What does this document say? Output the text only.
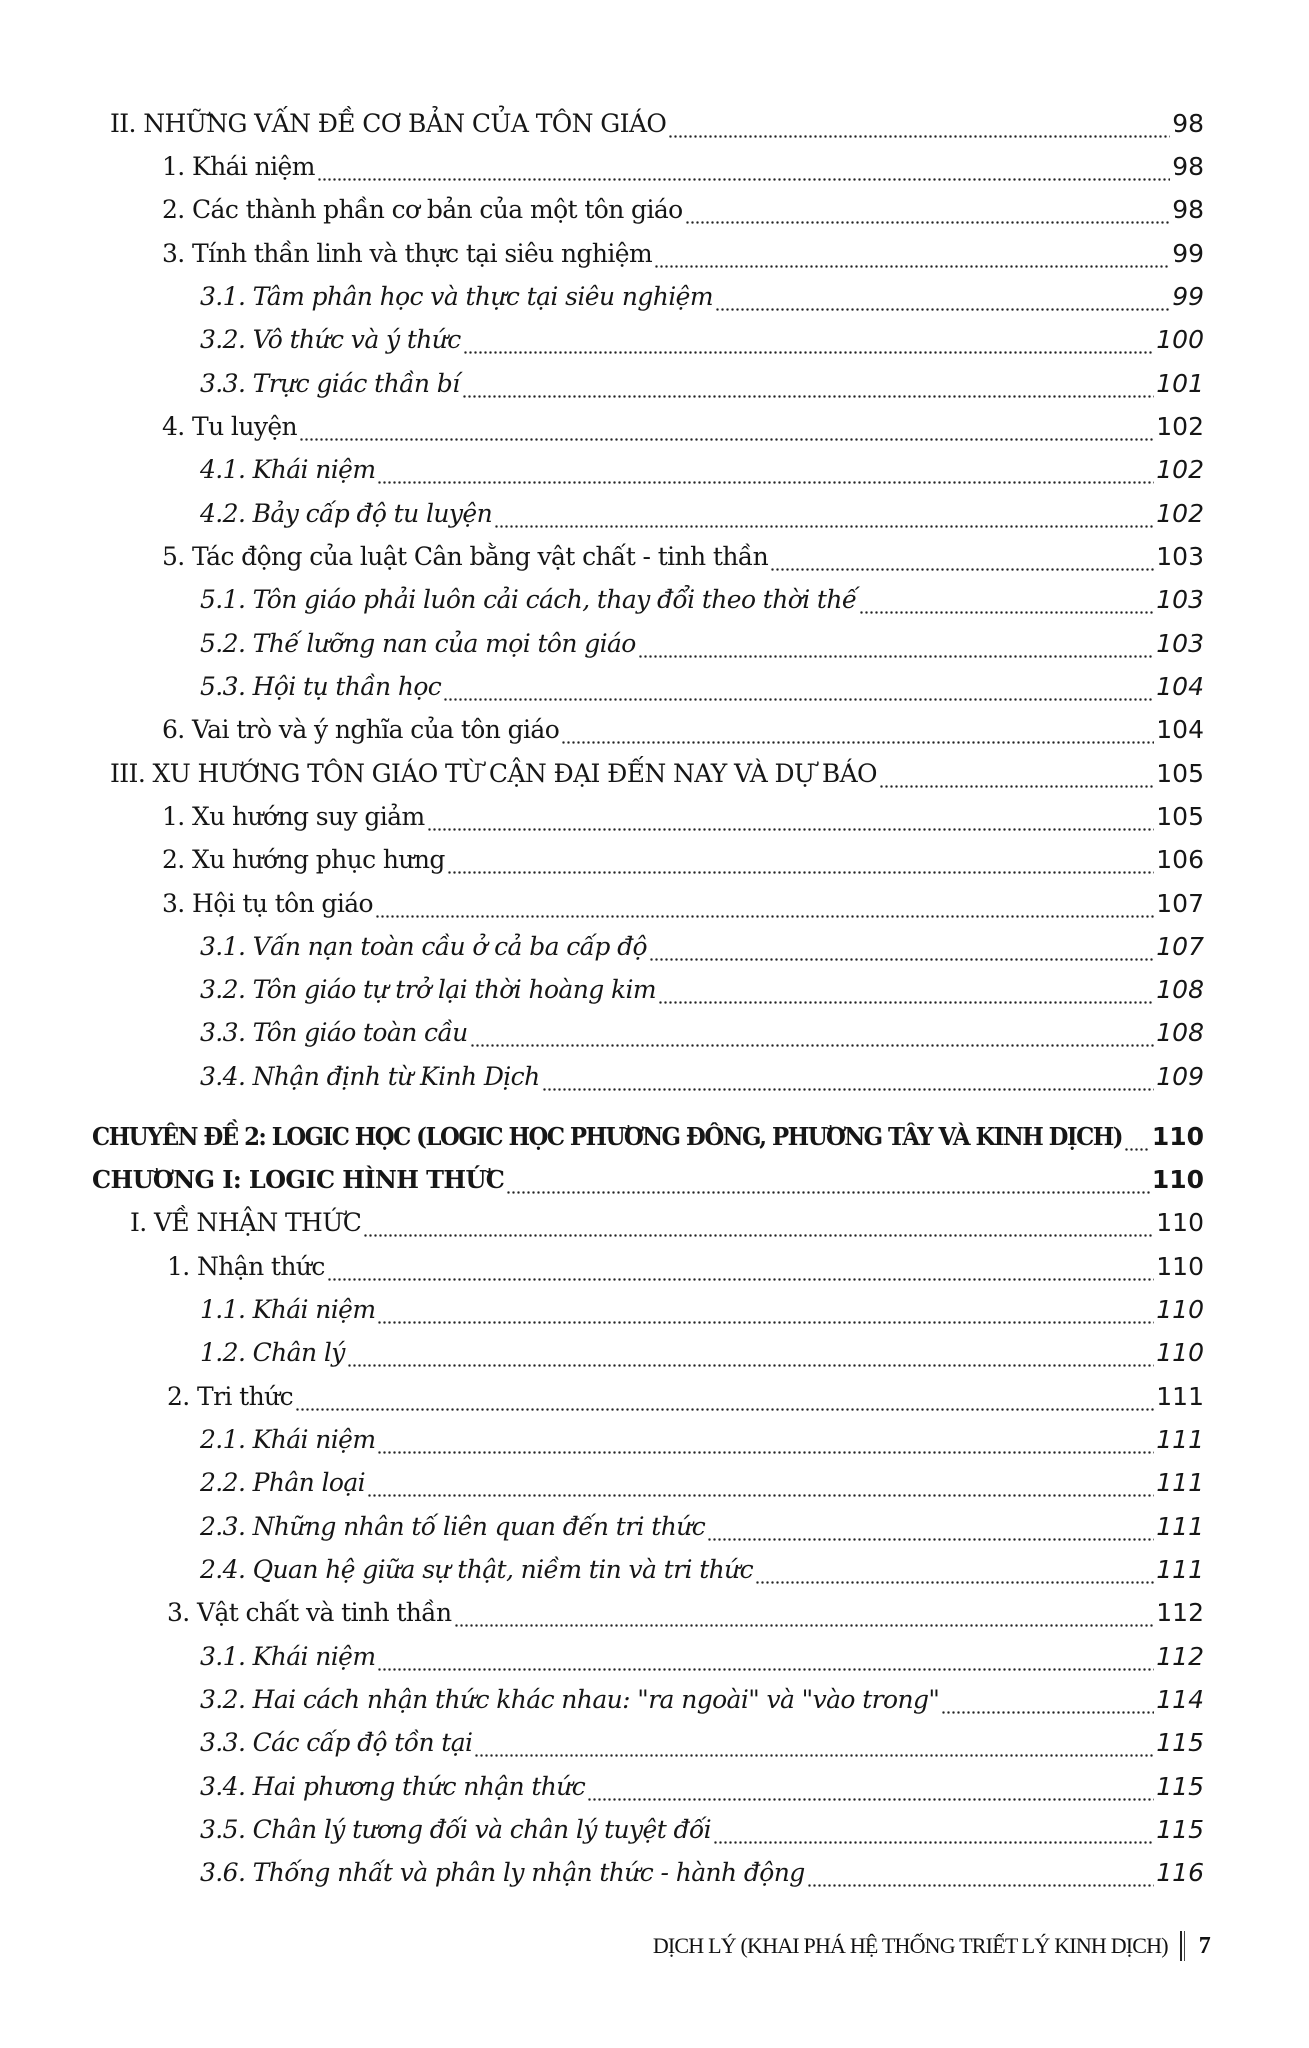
II. NHỮNG VẤN ĐỀ CƠ BẢN CỦA TÔN GIÁO	98
1. Khái niệm	98
2. Các thành phần cơ bản của một tôn giáo	98
3. Tính thần linh và thực tại siêu nghiệm	99
3.1. Tâm phân học và thực tại siêu nghiệm	99
3.2. Vô thức và ý thức	100
3.3. Trực giác thần bí	101
4. Tu luyện	102
4.1. Khái niệm	102
4.2. Bảy cấp độ tu luyện	102
5. Tác động của luật Cân bằng vật chất - tinh thần	103
5.1. Tôn giáo phải luôn cải cách, thay đổi theo thời thế	103
5.2. Thế lưỡng nan của mọi tôn giáo	103
5.3. Hội tụ thần học	104
6. Vai trò và ý nghĩa của tôn giáo	104
III. XU HƯỚNG TÔN GIÁO TỪ CẬN ĐẠI ĐẾN NAY VÀ DỰ BÁO	105
1. Xu hướng suy giảm	105
2. Xu hướng phục hưng	106
3. Hội tụ tôn giáo	107
3.1. Vấn nạn toàn cầu ở cả ba cấp độ	107
3.2. Tôn giáo tự trở lại thời hoàng kim	108
3.3. Tôn giáo toàn cầu	108
3.4. Nhận định từ Kinh Dịch	109
CHUYÊN ĐỀ 2: LOGIC HỌC (LOGIC HỌC PHƯƠNG ĐÔNG, PHƯƠNG TÂY VÀ KINH DỊCH) 110
CHƯƠNG I: LOGIC HÌNH THỨC	110
I. VỀ NHẬN THỨC	110
1. Nhận thức	110
1.1. Khái niệm	110
1.2. Chân lý	110
2. Tri thức	111
2.1. Khái niệm	111
2.2. Phân loại	111
2.3. Những nhân tố liên quan đến tri thức	111
2.4. Quan hệ giữa sự thật, niềm tin và tri thức	111
3. Vật chất và tinh thần	112
3.1. Khái niệm	112
3.2. Hai cách nhận thức khác nhau: "ra ngoài" và "vào trong"	114
3.3. Các cấp độ tồn tại	115
3.4. Hai phương thức nhận thức	115
3.5. Chân lý tương đối và chân lý tuyệt đối	115
3.6. Thống nhất và phân ly nhận thức - hành động	116
DỊCH LÝ (KHAI PHÁ HỆ THỐNG TRIẾT LÝ KINH DỊCH) 7
